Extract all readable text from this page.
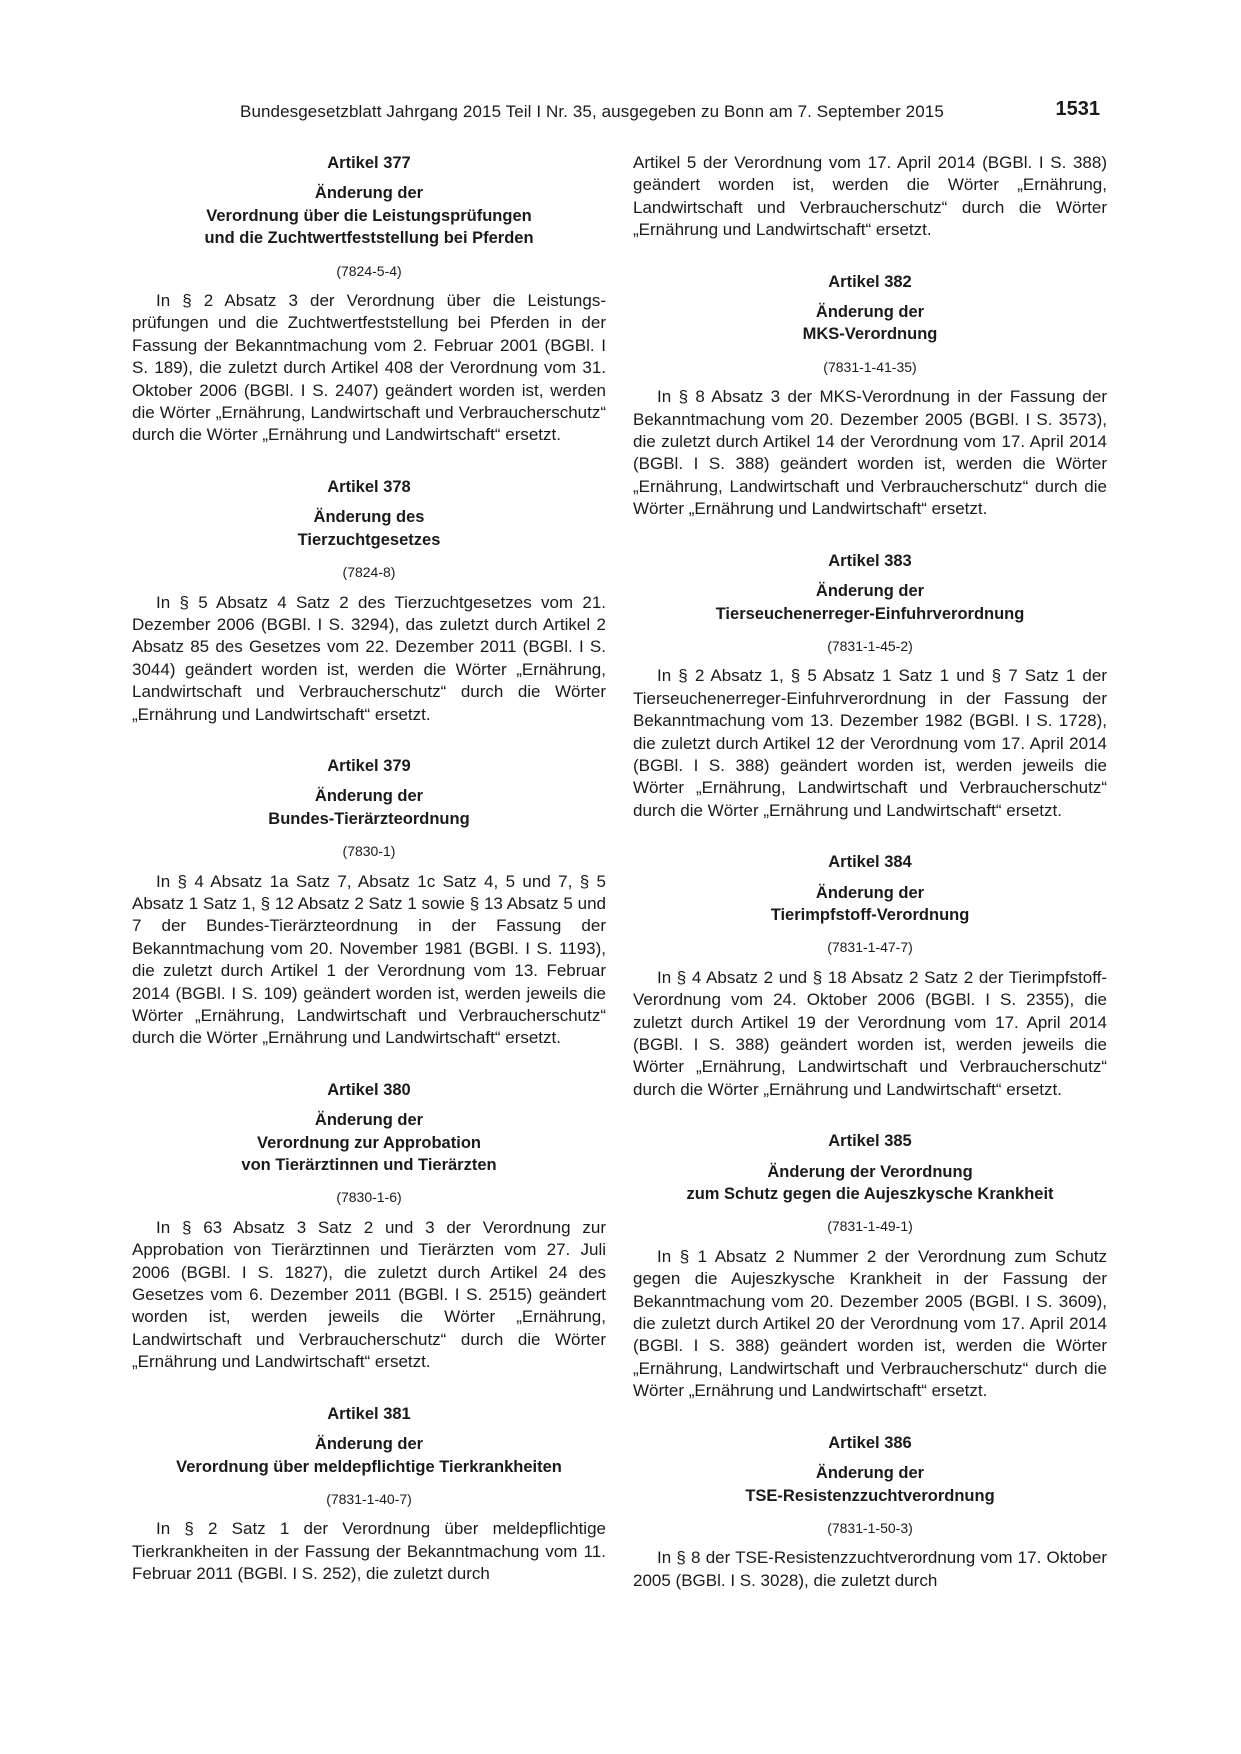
Bundesgesetzblatt Jahrgang 2015 Teil I Nr. 35, ausgegeben zu Bonn am 7. September 2015	1531
Artikel 377
Änderung der
Verordnung über die Leistungsprüfungen
und die Zuchtwertfeststellung bei Pferden
(7824-5-4)

In § 2 Absatz 3 der Verordnung über die Leistungsprüfungen und die Zuchtwertfeststellung bei Pferden in der Fassung der Bekanntmachung vom 2. Februar 2001 (BGBl. I S. 189), die zuletzt durch Artikel 408 der Verordnung vom 31. Oktober 2006 (BGBl. I S. 2407) geändert worden ist, werden die Wörter „Ernährung, Landwirtschaft und Verbraucherschutz“ durch die Wörter „Ernährung und Landwirtschaft“ ersetzt.

Artikel 378
Änderung des
Tierzuchtgesetzes
(7824-8)

In § 5 Absatz 4 Satz 2 des Tierzuchtgesetzes vom 21. Dezember 2006 (BGBl. I S. 3294), das zuletzt durch Artikel 2 Absatz 85 des Gesetzes vom 22. Dezember 2011 (BGBl. I S. 3044) geändert worden ist, werden die Wörter „Ernährung, Landwirtschaft und Verbraucherschutz“ durch die Wörter „Ernährung und Landwirtschaft“ ersetzt.

Artikel 379
Änderung der
Bundes-Tierärzteordnung
(7830-1)

In § 4 Absatz 1a Satz 7, Absatz 1c Satz 4, 5 und 7, § 5 Absatz 1 Satz 1, § 12 Absatz 2 Satz 1 sowie § 13 Absatz 5 und 7 der Bundes-Tierärzteordnung in der Fassung der Bekanntmachung vom 20. November 1981 (BGBl. I S. 1193), die zuletzt durch Artikel 1 der Verordnung vom 13. Februar 2014 (BGBl. I S. 109) geändert worden ist, werden jeweils die Wörter „Ernährung, Landwirtschaft und Verbraucherschutz“ durch die Wörter „Ernährung und Landwirtschaft“ ersetzt.

Artikel 380
Änderung der
Verordnung zur Approbation
von Tierärztinnen und Tierärzten
(7830-1-6)

In § 63 Absatz 3 Satz 2 und 3 der Verordnung zur Approbation von Tierärztinnen und Tierärzten vom 27. Juli 2006 (BGBl. I S. 1827), die zuletzt durch Artikel 24 des Gesetzes vom 6. Dezember 2011 (BGBl. I S. 2515) geändert worden ist, werden jeweils die Wörter „Ernährung, Landwirtschaft und Verbraucherschutz“ durch die Wörter „Ernährung und Landwirtschaft“ ersetzt.

Artikel 381
Änderung der
Verordnung über meldepflichtige Tierkrankheiten
(7831-1-40-7)

In § 2 Satz 1 der Verordnung über meldepflichtige Tierkrankheiten in der Fassung der Bekanntmachung vom 11. Februar 2011 (BGBl. I S. 252), die zuletzt durch

Artikel 5 der Verordnung vom 17. April 2014 (BGBl. I S. 388) geändert worden ist, werden die Wörter „Ernährung, Landwirtschaft und Verbraucherschutz“ durch die Wörter „Ernährung und Landwirtschaft“ ersetzt.

Artikel 382
Änderung der
MKS-Verordnung
(7831-1-41-35)

In § 8 Absatz 3 der MKS-Verordnung in der Fassung der Bekanntmachung vom 20. Dezember 2005 (BGBl. I S. 3573), die zuletzt durch Artikel 14 der Verordnung vom 17. April 2014 (BGBl. I S. 388) geändert worden ist, werden die Wörter „Ernährung, Landwirtschaft und Verbraucherschutz“ durch die Wörter „Ernährung und Landwirtschaft“ ersetzt.

Artikel 383
Änderung der
Tierseuchenerreger-Einfuhrverordnung
(7831-1-45-2)

In § 2 Absatz 1, § 5 Absatz 1 Satz 1 und § 7 Satz 1 der Tierseuchenerreger-Einfuhrverordnung in der Fassung der Bekanntmachung vom 13. Dezember 1982 (BGBl. I S. 1728), die zuletzt durch Artikel 12 der Verordnung vom 17. April 2014 (BGBl. I S. 388) geändert worden ist, werden jeweils die Wörter „Ernährung, Landwirtschaft und Verbraucherschutz“ durch die Wörter „Ernährung und Landwirtschaft“ ersetzt.

Artikel 384
Änderung der
Tierimpfstoff-Verordnung
(7831-1-47-7)

In § 4 Absatz 2 und § 18 Absatz 2 Satz 2 der Tierimpfstoff-Verordnung vom 24. Oktober 2006 (BGBl. I S. 2355), die zuletzt durch Artikel 19 der Verordnung vom 17. April 2014 (BGBl. I S. 388) geändert worden ist, werden jeweils die Wörter „Ernährung, Landwirtschaft und Verbraucherschutz“ durch die Wörter „Ernährung und Landwirtschaft“ ersetzt.

Artikel 385
Änderung der Verordnung
zum Schutz gegen die Aujeszkysche Krankheit
(7831-1-49-1)

In § 1 Absatz 2 Nummer 2 der Verordnung zum Schutz gegen die Aujeszkysche Krankheit in der Fassung der Bekanntmachung vom 20. Dezember 2005 (BGBl. I S. 3609), die zuletzt durch Artikel 20 der Verordnung vom 17. April 2014 (BGBl. I S. 388) geändert worden ist, werden die Wörter „Ernährung, Landwirtschaft und Verbraucherschutz“ durch die Wörter „Ernährung und Landwirtschaft“ ersetzt.

Artikel 386
Änderung der
TSE-Resistenzzuchtverordnung
(7831-1-50-3)

In § 8 der TSE-Resistenzzuchtverordnung vom 17. Oktober 2005 (BGBl. I S. 3028), die zuletzt durch
